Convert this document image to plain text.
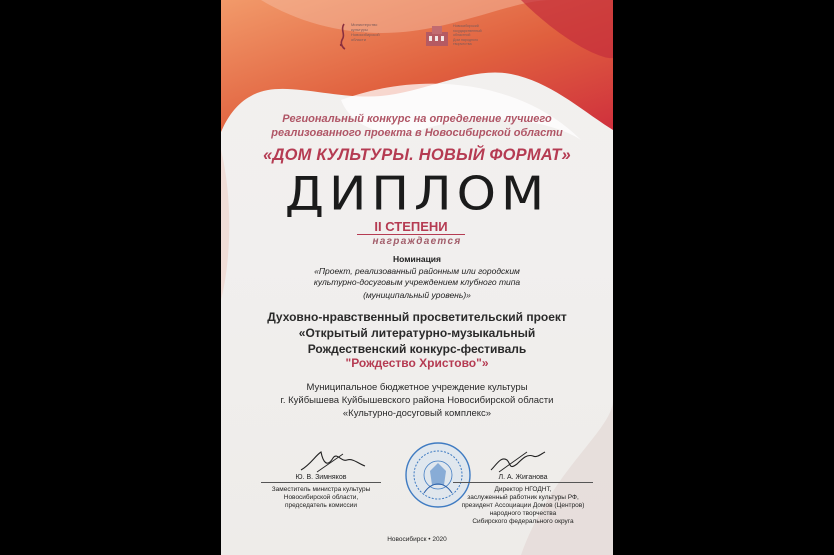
Министерство
культуры
Новосибирской
области
Новосибирский
государственный
областной
Дом народного
творчества
Региональный конкурс на определение лучшего
реализованного проекта в Новосибирской области
«ДОМ КУЛЬТУРЫ. НОВЫЙ ФОРМАТ»
ДИПЛОМ
II СТЕПЕНИ
награждается
Номинация
«Проект, реализованный районным или городским
культурно-досуговым учреждением клубного типа
(муниципальный уровень)»
Духовно-нравственный просветительский проект
«Открытый литературно-музыкальный
Рождественский конкурс-фестиваль
"Рождество Христово"»
Муниципальное бюджетное учреждение культуры
г. Куйбышева Куйбышевского района Новосибирской области
«Культурно-досуговый комплекс»
Ю. В. Зимняков
Заместитель министра культуры
Новосибирской области,
председатель комиссии
Л. А. Жиганова
Директор НГОДНТ,
заслуженный работник культуры РФ,
президент Ассоциации Домов (Центров)
народного творчества
Сибирского федерального округа
Новосибирск • 2020
